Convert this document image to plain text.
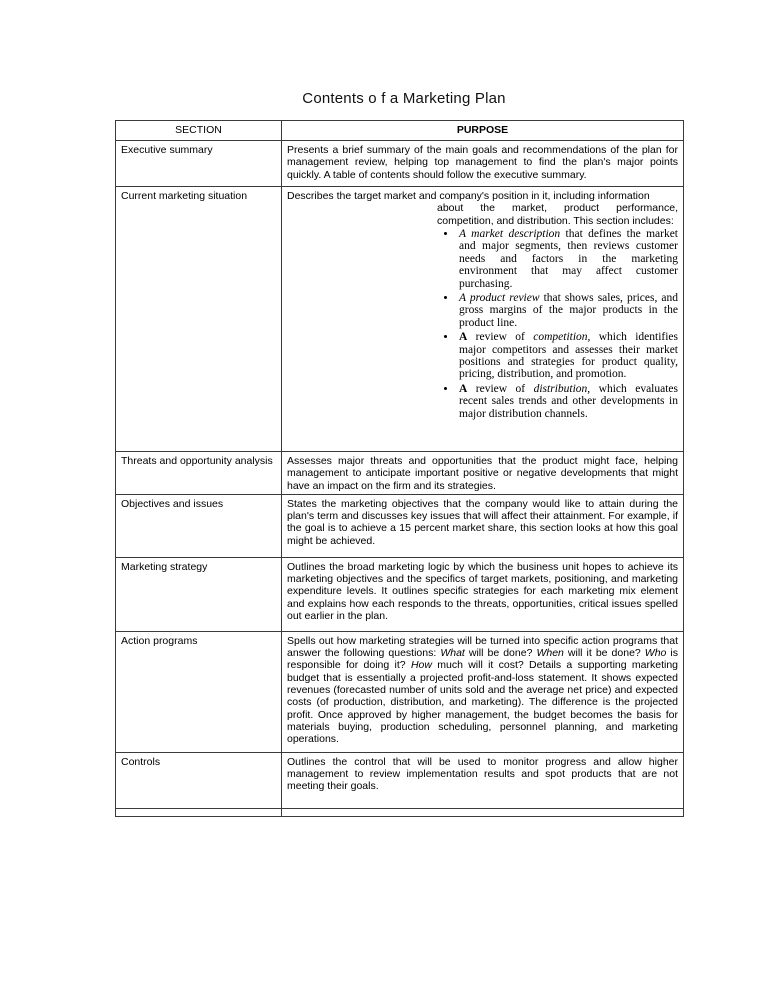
Contents o f a Marketing Plan
SECTION	PURPOSE
Executive summary	Presents a brief summary of the main goals and recommendations of the plan for management review, helping top management to find the plan's major points quickly. A table of contents should follow the executive summary.
Current marketing situation	Describes the target market and company's position in it, including information
about the market, product performance, competition, and distribution. This section includes:
• A market description that defines the market and major segments, then reviews customer needs and factors in the marketing environment that may affect customer purchasing.
• A product review that shows sales, prices, and gross margins of the major products in the product line.
• A review of competition, which identifies major competitors and assesses their market positions and strategies for product quality, pricing, distribution, and promotion.
• A review of distribution, which evaluates recent sales trends and other developments in major distribution channels.

Threats and opportunity analysis	Assesses major threats and opportunities that the product might face, helping management to anticipate important positive or negative developments that might have an impact on the firm and its strategies.
Objectives and issues	States the marketing objectives that the company would like to attain during the plan's term and discusses key issues that will affect their attainment. For example, if the goal is to achieve a 15 percent market share, this section looks at how this goal might be achieved.
Marketing strategy	Outlines the broad marketing logic by which the business unit hopes to achieve its marketing objectives and the specifics of target markets, positioning, and marketing expenditure levels. It outlines specific strategies for each marketing mix element and explains how each responds to the threats, opportunities, critical issues spelled out earlier in the plan.
Action programs	Spells out how marketing strategies will be turned into specific action programs that answer the following questions: What will be done? When will it be done? Who is responsible for doing it? How much will it cost? Details a supporting marketing budget that is essentially a projected profit-and-loss statement. It shows expected revenues (forecasted number of units sold and the average net price) and expected costs (of production, distribution, and marketing). The difference is the projected profit. Once approved by higher management, the budget becomes the basis for materials buying, production scheduling, personnel planning, and marketing operations.
Controls	Outlines the control that will be used to monitor progress and allow higher management to review implementation results and spot products that are not meeting their goals.
